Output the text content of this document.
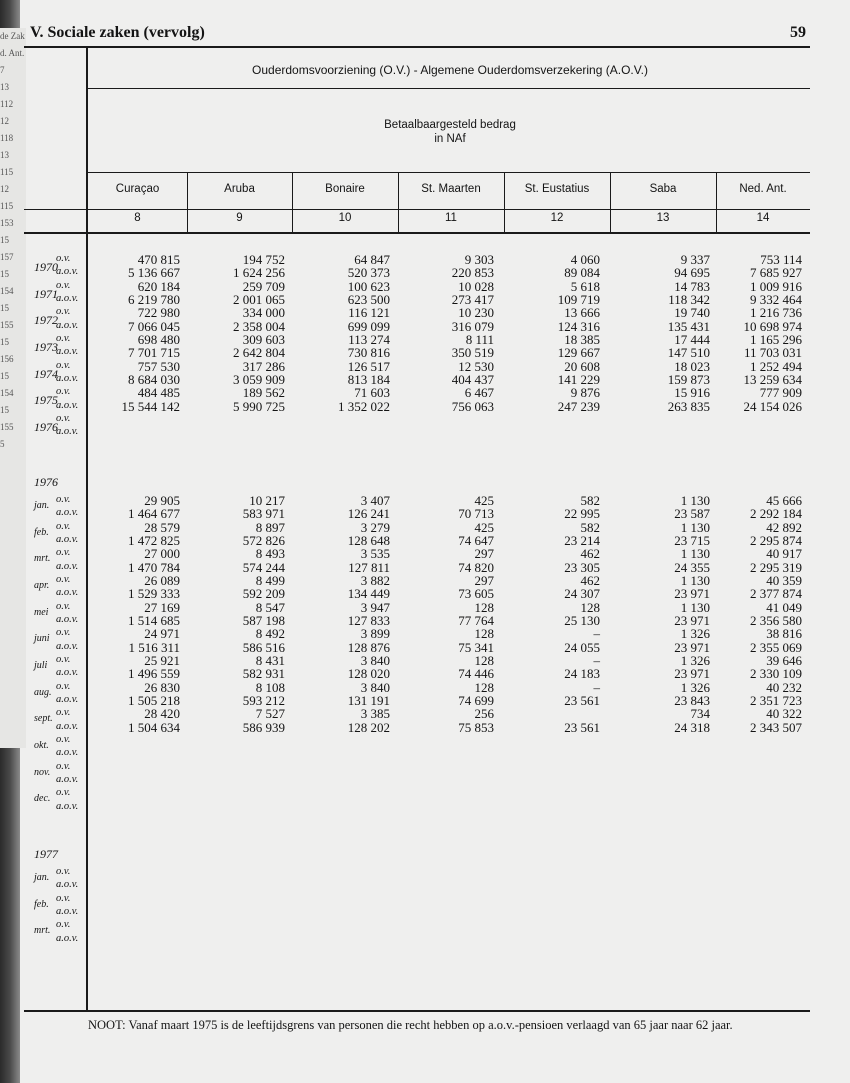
de Zak
d. Ant.
7
13
112
12
118
13
115
12
115
153
15
157
15
154
15
155
15
156
15
154
15
155
5
V. Sociale zaken (vervolg)	59
Ouderdomsvoorziening (O.V.) - Algemene Ouderdomsverzekering (A.O.V.)
Betaalbaargesteld bedrag
in NAf
Curaçao
8
Aruba
9
Bonaire
10
St. Maarten
11
St. Eustatius
12
Saba
13
Ned. Ant.
14
1970
o.v.
a.o.v.
1971
o.v.
a.o.v.
1972
o.v.
a.o.v.
1973
o.v.
a.o.v.
1974
o.v.
a.o.v.
1975
o.v.
a.o.v.
1976
o.v.
a.o.v.
1976
jan.
o.v.
a.o.v.
feb.
o.v.
a.o.v.
mrt.
o.v.
a.o.v.
apr.
o.v.
a.o.v.
mei
o.v.
a.o.v.
juni
o.v.
a.o.v.
juli
o.v.
a.o.v.
aug.
o.v.
a.o.v.
sept.
o.v.
a.o.v.
okt.
o.v.
a.o.v.
nov.
o.v.
a.o.v.
dec.
o.v.
a.o.v.
1977
jan.
o.v.
a.o.v.
feb.
o.v.
a.o.v.
mrt.
o.v.
a.o.v.
470 815
5 136 667
620 184
6 219 780
722 980
7 066 045
698 480
7 701 715
757 530
8 684 030
484 485
15 544 142
194 752
1 624 256
259 709
2 001 065
334 000
2 358 004
309 603
2 642 804
317 286
3 059 909
189 562
5 990 725
64 847
520 373
100 623
623 500
116 121
699 099
113 274
730 816
126 517
813 184
71 603
1 352 022
9 303
220 853
10 028
273 417
10 230
316 079
8 111
350 519
12 530
404 437
6 467
756 063
4 060
89 084
5 618
109 719
13 666
124 316
18 385
129 667
20 608
141 229
9 876
247 239
9 337
94 695
14 783
118 342
19 740
135 431
17 444
147 510
18 023
159 873
15 916
263 835
753 114
7 685 927
1 009 916
9 332 464
1 216 736
10 698 974
1 165 296
11 703 031
1 252 494
13 259 634
777 909
24 154 026
29 905
1 464 677
28 579
1 472 825
27 000
1 470 784
26 089
1 529 333
27 169
1 514 685
24 971
1 516 311
25 921
1 496 559
26 830
1 505 218
28 420
1 504 634
10 217
583 971
8 897
572 826
8 493
574 244
8 499
592 209
8 547
587 198
8 492
586 516
8 431
582 931
8 108
593 212
7 527
586 939
3 407
126 241
3 279
128 648
3 535
127 811
3 882
134 449
3 947
127 833
3 899
128 876
3 840
128 020
3 840
131 191
3 385
128 202
425
70 713
425
74 647
297
74 820
297
73 605
128
77 764
128
75 341
128
74 446
128
74 699
256
75 853
582
22 995
582
23 214
462
23 305
462
24 307
128
25 130
–
24 055
–
24 183
–
23 561
23 561
1 130
23 587
1 130
23 715
1 130
24 355
1 130
23 971
1 130
23 971
1 326
23 971
1 326
23 971
1 326
23 843
734
24 318
45 666
2 292 184
42 892
2 295 874
40 917
2 295 319
40 359
2 377 874
41 049
2 356 580
38 816
2 355 069
39 646
2 330 109
40 232
2 351 723
40 322
2 343 507
NOOT: Vanaf maart 1975 is de leeftijdsgrens van personen die recht hebben op a.o.v.-pensioen verlaagd van 65 jaar naar 62 jaar.
